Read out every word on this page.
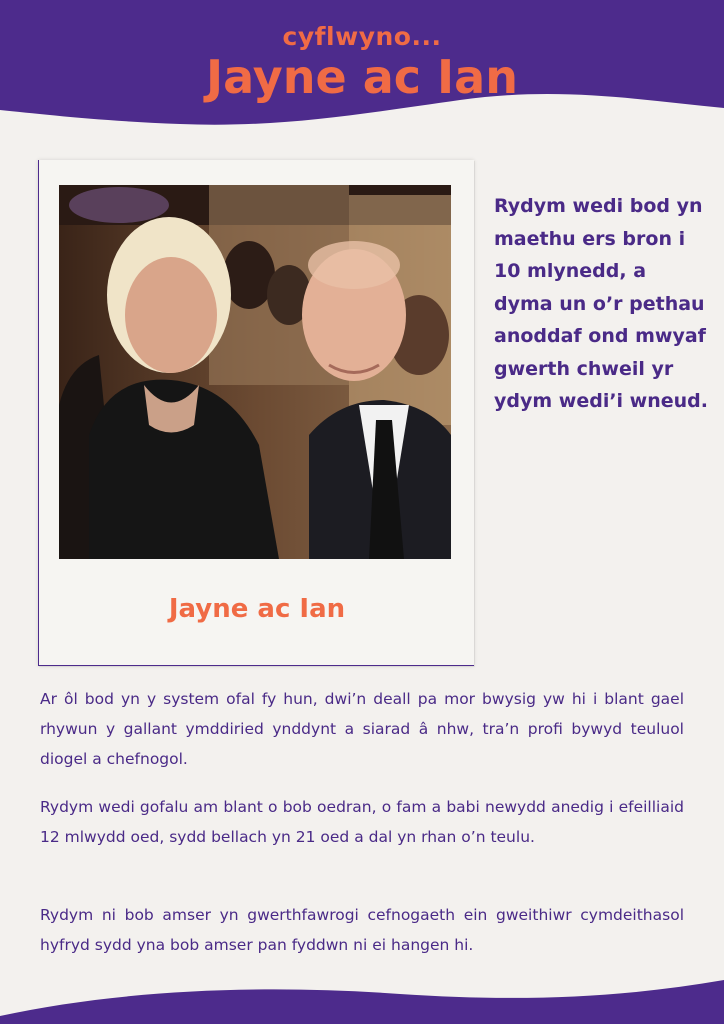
cyflwyno...
Jayne ac Ian
Jayne ac Ian
Rydym wedi bod yn maethu ers bron i 10 mlynedd, a dyma un o’r pethau anoddaf ond mwyaf gwerth chweil yr ydym wedi’i wneud.

Ar ôl bod yn y system ofal fy hun, dwi’n deall pa mor bwysig yw hi i blant gael rhywun y gallant ymddiried ynddynt a siarad â nhw, tra’n profi bywyd teuluol diogel a chefnogol.

Rydym wedi gofalu am blant o bob oedran, o fam a babi newydd anedig i efeilliaid 12 mlwydd oed, sydd bellach yn 21 oed a dal yn rhan o’n teulu.

Rydym ni bob amser yn gwerthfawrogi cefnogaeth ein gweithiwr cymdeithasol hyfryd sydd yna bob amser pan fyddwn ni ei hangen hi.
